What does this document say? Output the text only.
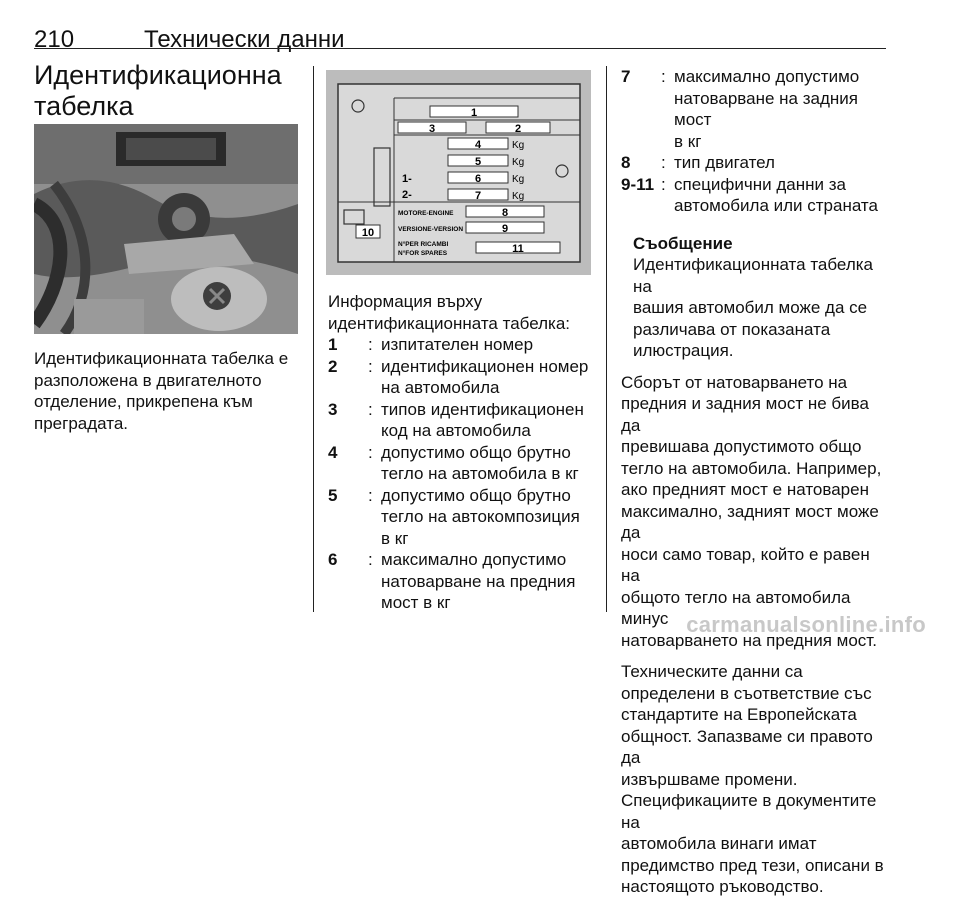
210	Технически данни
Идентификационна
табелка

Идентификационната табелка е
разположена в двигателното
отделение, прикрепена към
преградата.

1
3	2
4	Kg
5	Kg
1-	6	Kg
2-	7	Kg
MOTORE-ENGINE	8
VERSIONE-VERSION	9
10
N°PER RICAMBI
N°FOR SPARES	11

Информация върху
идентификационната табелка:

1 : изпитателен номер
2 : идентификационен номер
на автомобила
3 : типов идентификационен
код на автомобила
4 : допустимо общо брутно
тегло на автомобила в кг
5 : допустимо общо брутно
тегло на автокомпозиция
в кг
6 : максимално допустимо
натоварване на предния
мост в кг
7 : максимално допустимо
натоварване на задния мост
в кг
8 : тип двигател
9-11 : специфични данни за
автомобила или страната

Съобщение

Идентификационната табелка на
вашия автомобил може да се
различава от показаната
илюстрация.

Сборът от натоварването на
предния и задния мост не бива да
превишава допустимото общо
тегло на автомобила. Например,
ако предният мост е натоварен
максимално, задният мост може да
носи само товар, който е равен на
общото тегло на автомобила минус
натоварването на предния мост.

Техническите данни са
определени в съответствие със
стандартите на Европейската
общност. Запазваме си правото да
извършваме промени.
Спецификациите в документите на
автомобила винаги имат
предимство пред тези, описани в
настоящото ръководство.

carmanualsonline.info
